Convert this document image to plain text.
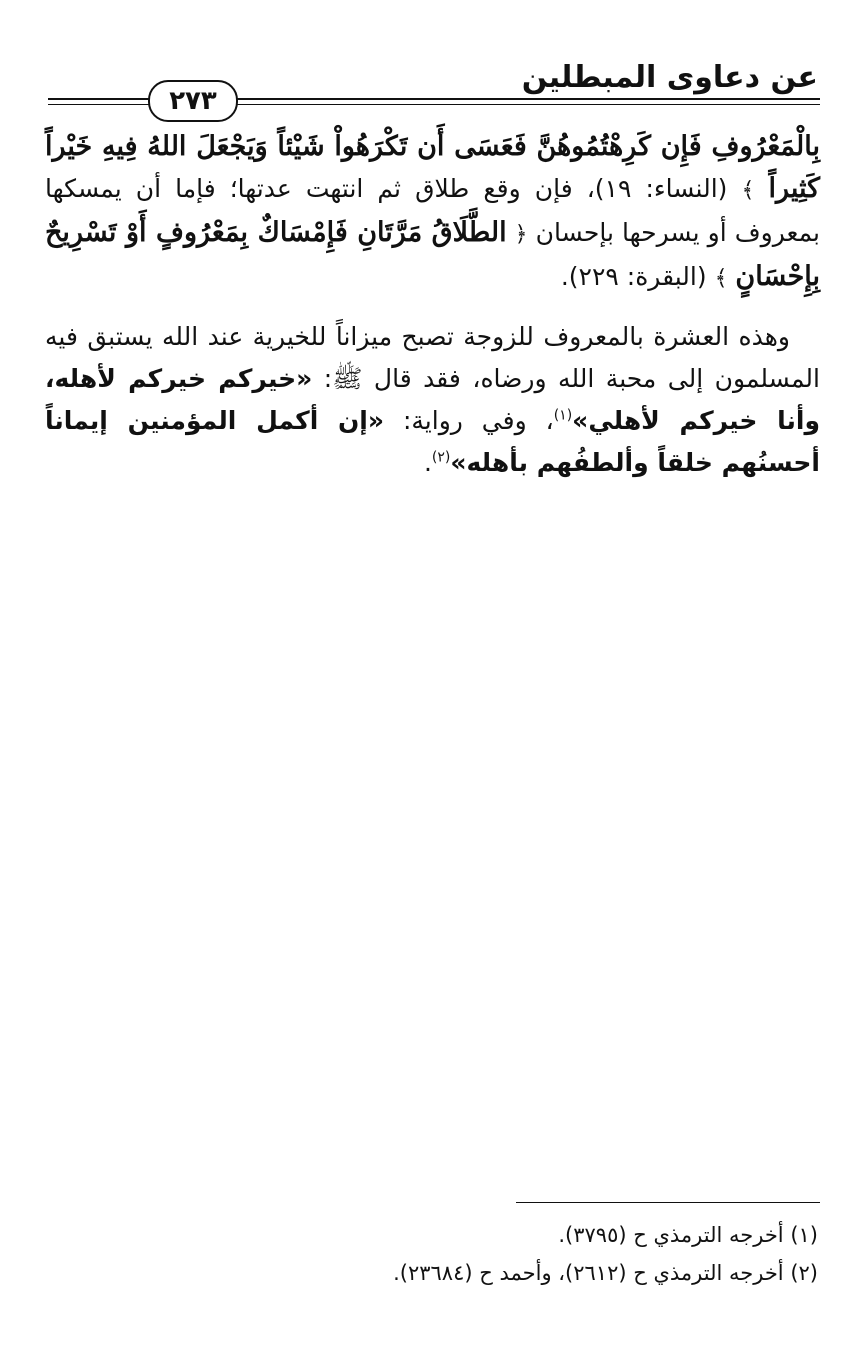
عن دعاوى المبطلين
٢٧٣

بِالْمَعْرُوفِ فَإِن كَرِهْتُمُوهُنَّ فَعَسَى أَن تَكْرَهُواْ شَيْئاً وَيَجْعَلَ اللهُ فِيهِ خَيْراً كَثِيراً ﴾ (النساء: ١٩)، فإن وقع طلاق ثم انتهت عدتها؛ فإما أن يمسكها بمعروف أو يسرحها بإحسان ﴿ الطَّلَاقُ مَرَّتَانِ فَإِمْسَاكٌ بِمَعْرُوفٍ أَوْ تَسْرِيحٌ بِإِحْسَانٍ ﴾ (البقرة: ٢٢٩).

وهذه العشرة بالمعروف للزوجة تصبح ميزاناً للخيرية عند الله يستبق فيه المسلمون إلى محبة الله ورضاه، فقد قال ﷺ: «خيركم خيركم لأهله، وأنا خيركم لأهلي»$^{(١)}$، وفي رواية: «إن أكمل المؤمنين إيماناً أحسنُهم خلقاً وألطفُهم بأهله»$^{(٢)}$.

(١) أخرجه الترمذي ح (٣٧٩٥).
(٢) أخرجه الترمذي ح (٢٦١٢)، وأحمد ح (٢٣٦٨٤).
